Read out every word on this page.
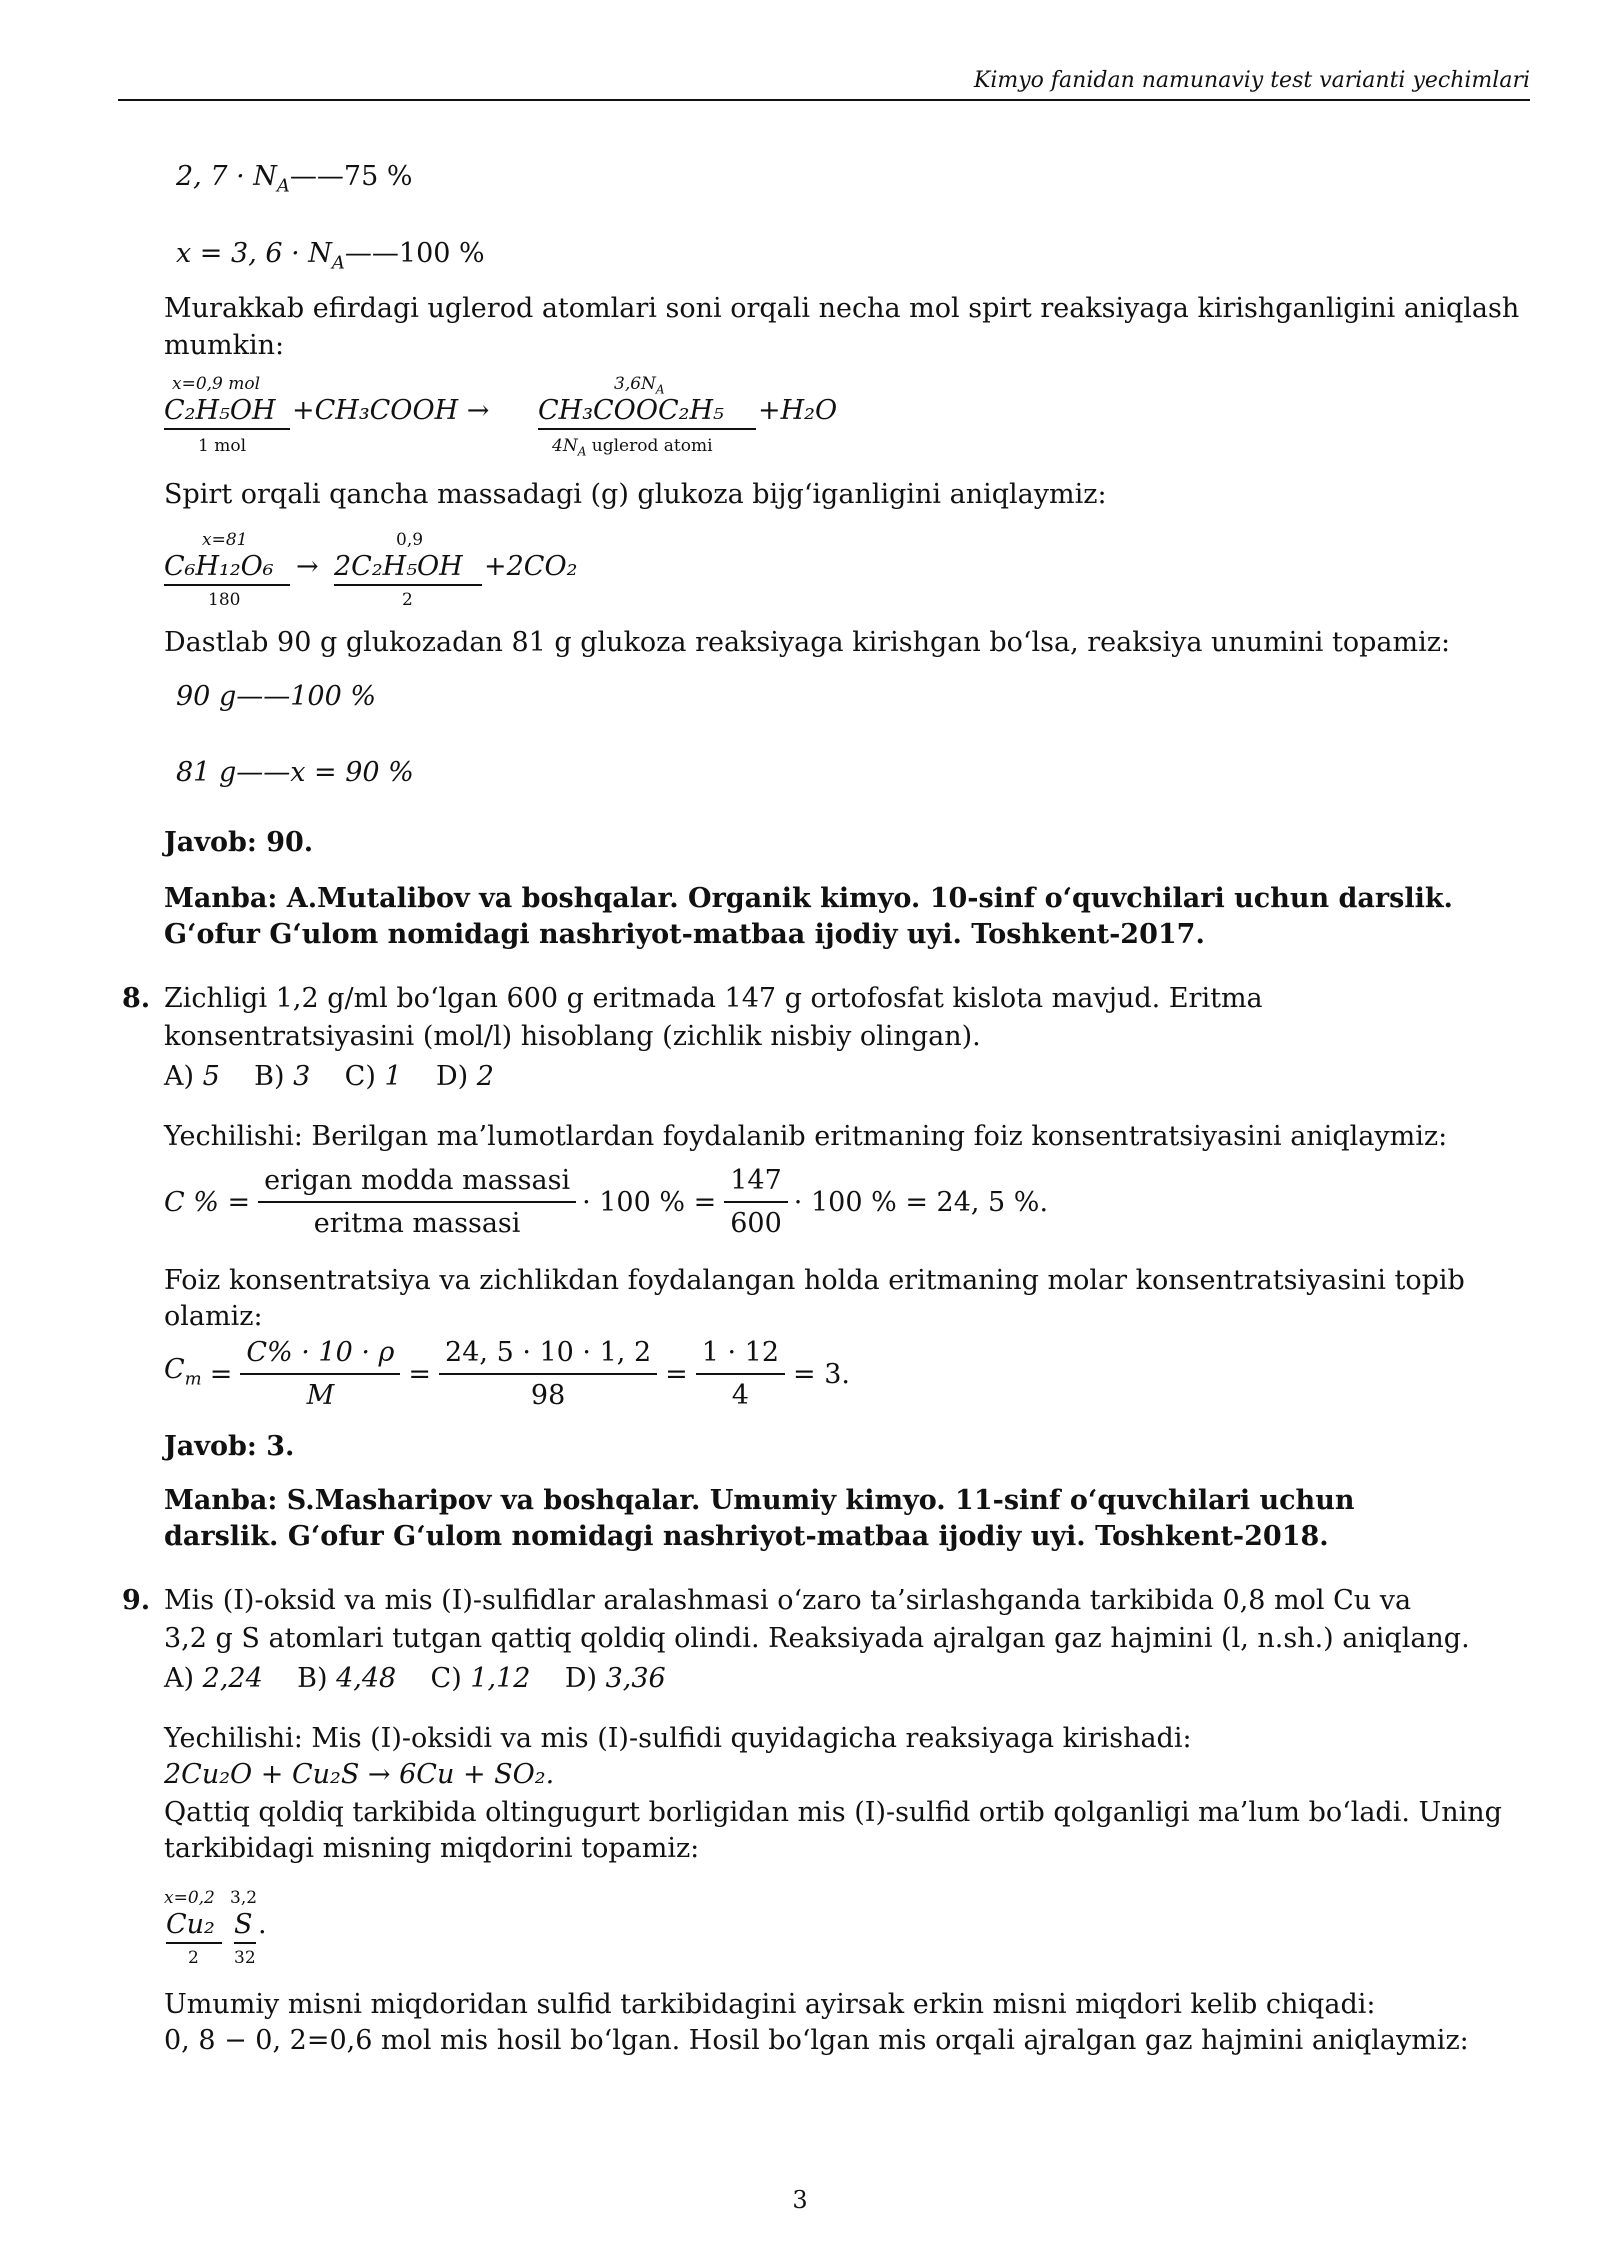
Kimyo fanidan namunaviy test varianti yechimlari
2, $7 \cdot N_A——75$ %
x = 3, $6 \cdot N_A——100$ %
Murakkab efirdagi uglerod atomlari soni orqali necha mol spirt reaksiyaga kirishganligini aniqlash mumkin:
x=0,9 mol	$3,6N_A$
C₂H₅OH +CH₃COOH → CH₃COOC₂H₅ +H₂O
1 mol	$4N_A$ uglerod atomi
Spirt orqali qancha massadagi (g) glukoza bijg‘iganligini aniqlaymiz:
x=81	0,9
C₆H₁₂O₆ → 2C₂H₅OH +2CO₂
180	2
Dastlab 90 g glukozadan 81 g glukoza reaksiyaga kirishgan bo‘lsa, reaksiya unumini topamiz:
90 g——100 %
81 g——x = 90 %
Javob: 90.
Manba: A.Mutalibov va boshqalar. Organik kimyo. 10-sinf o‘quvchilari uchun darslik.
G‘ofur G‘ulom nomidagi nashriyot-matbaa ijodiy uyi. Toshkent-2017.
8. Zichligi 1,2 g/ml bo‘lgan 600 g eritmada 147 g ortofosfat kislota mavjud. Eritma
konsentratsiyasini (mol/l) hisoblang (zichlik nisbiy olingan).
A) 5 B) 3 C) 1 D) 2
Yechilishi: Berilgan ma’lumotlardan foydalanib eritmaning foiz konsentratsiyasini aniqlaymiz:
C % = $\frac{\text{erigan modda massasi}}{\text{eritma massasi}} \cdot 100$ % = $\frac{147}{600} \cdot 100$ % = 24, 5 %.
Foiz konsentratsiya va zichlikdan foydalangan holda eritmaning molar konsentratsiyasini topib
olamiz:
$C_m = \frac{C\% \cdot 10 \cdot \rho}{M} = \frac{24, 5 \cdot 10 \cdot 1, 2}{98} = \frac{1 \cdot 12}{4} = 3$.
Javob: 3.
Manba: S.Masharipov va boshqalar. Umumiy kimyo. 11-sinf o‘quvchilari uchun
darslik. G‘ofur G‘ulom nomidagi nashriyot-matbaa ijodiy uyi. Toshkent-2018.
9. Mis (I)-oksid va mis (I)-sulfidlar aralashmasi o‘zaro ta’sirlashganda tarkibida 0,8 mol Cu va
3,2 g S atomlari tutgan qattiq qoldiq olindi. Reaksiyada ajralgan gaz hajmini (l, n.sh.) aniqlang.
A) 2,24 B) 4,48 C) 1,12 D) 3,36
Yechilishi: Mis (I)-oksidi va mis (I)-sulfidi quyidagicha reaksiyaga kirishadi:
2Cu₂O + Cu₂S → 6Cu + SO₂.
Qattiq qoldiq tarkibida oltingugurt borligidan mis (I)-sulfid ortib qolganligi ma’lum bo‘ladi. Uning
tarkibidagi misning miqdorini topamiz:
x=0,2 3,2
Cu₂ S .
2 32
Umumiy misni miqdoridan sulfid tarkibidagini ayirsak erkin misni miqdori kelib chiqadi:
0, 8 − 0, 2=0,6 mol mis hosil bo‘lgan. Hosil bo‘lgan mis orqali ajralgan gaz hajmini aniqlaymiz:
3
